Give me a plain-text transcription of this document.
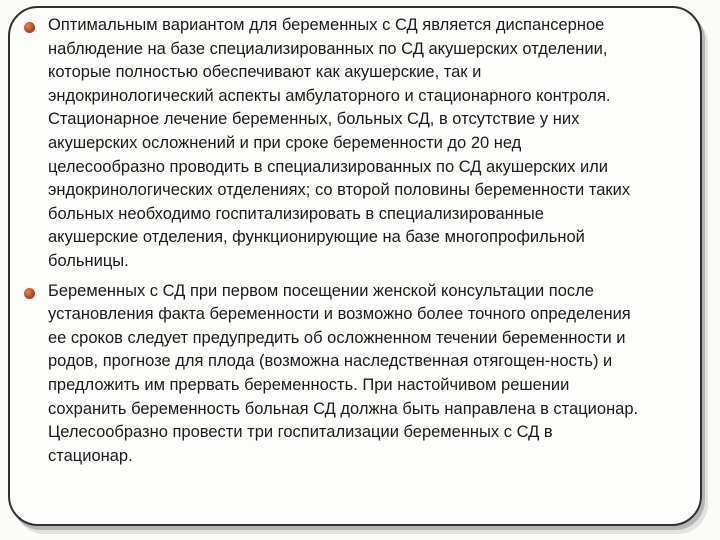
Оптимальным вариантом для беременных с СД является диспансерное
наблюдение на базе специализированных по СД акушерских отделении,
которые полностью обеспечивают как акушерские, так и
эндокринологический аспекты амбулаторного и стационарного контроля.
Стационарное лечение беременных, больных СД, в отсутствие у них
акушерских осложнений и при сроке беременности до 20 нед
целесообразно проводить в специализированных по СД акушерских или
эндокринологических отделениях; со второй половины беременности таких
больных необходимо госпитализировать в специализированные
акушерские отделения, функционирующие на базе многопрофильной
больницы.
Беременных с СД при первом посещении женской консультации после
установления факта беременности и возможно более точного определения
ее сроков следует предупредить об осложненном течении беременности и
родов, прогнозе для плода (возможна наследственная отягощен-ность) и
предложить им прервать беременность. При настойчивом решении
сохранить беременность больная СД должна быть направлена в стационар.
Целесообразно провести три госпитализации беременных с СД в
стационар.
